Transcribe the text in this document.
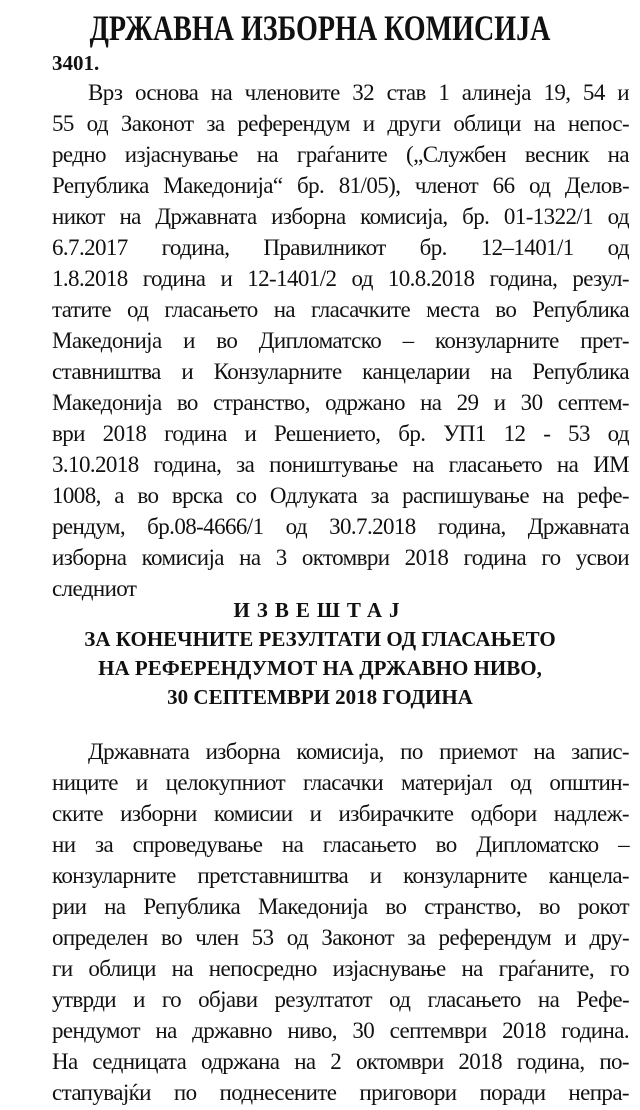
ДРЖАВНА ИЗБОРНА КОМИСИЈА
3401.
Врз основа на членовите 32 став 1 алинеја 19, 54 и
55 од Законот за референдум и други облици на непос-
редно изјаснување на граѓаните („Службен весник на
Република Македонија“ бр. 81/05), членот 66 од Делов-
никот на Државната изборна комисија, бр. 01-1322/1 од
6.7.2017 година, Правилникот бр. 12–1401/1 од
1.8.2018 година и 12-1401/2 од 10.8.2018 година, резул-
татите од гласањето на гласачките места во Република
Македонија и во Дипломатско – конзуларните прет-
ставништва и Конзуларните канцеларии на Република
Македонија во странство, одржано на 29 и 30 септем-
ври 2018 година и Решението, бр. УП1 12 - 53 од
3.10.2018 година, за поништување на гласањето на ИМ
1008, а во врска со Одлуката за распишување на рефе-
рендум, бр.08-4666/1 од 30.7.2018 година, Државната
изборна комисија на 3 октомври 2018 година го усвои
следниот
ИЗВЕШТАЈ
ЗА КОНЕЧНИТЕ РЕЗУЛТАТИ ОД ГЛАСАЊЕТО
НА РЕФЕРЕНДУМОТ НА ДРЖАВНО НИВО,
30 СЕПТЕМВРИ 2018 ГОДИНА
Државната изборна комисија, по приемот на запис-
ниците и целокупниот гласачки материјал од општин-
ските изборни комисии и избирачките одбори надлеж-
ни за спроведување на гласањето во Дипломатско –
конзуларните претставништва и конзуларните канцела-
рии на Република Македонија во странство, во рокот
определен во член 53 од Законот за референдум и дру-
ги облици на непосредно изјаснување на граѓаните, го
утврди и го објави резултатот од гласањето на Рефе-
рендумот на државно ниво, 30 септември 2018 година.
На седницата одржана на 2 октомври 2018 година, по-
стапувајќи по поднесените приговори поради непра-
